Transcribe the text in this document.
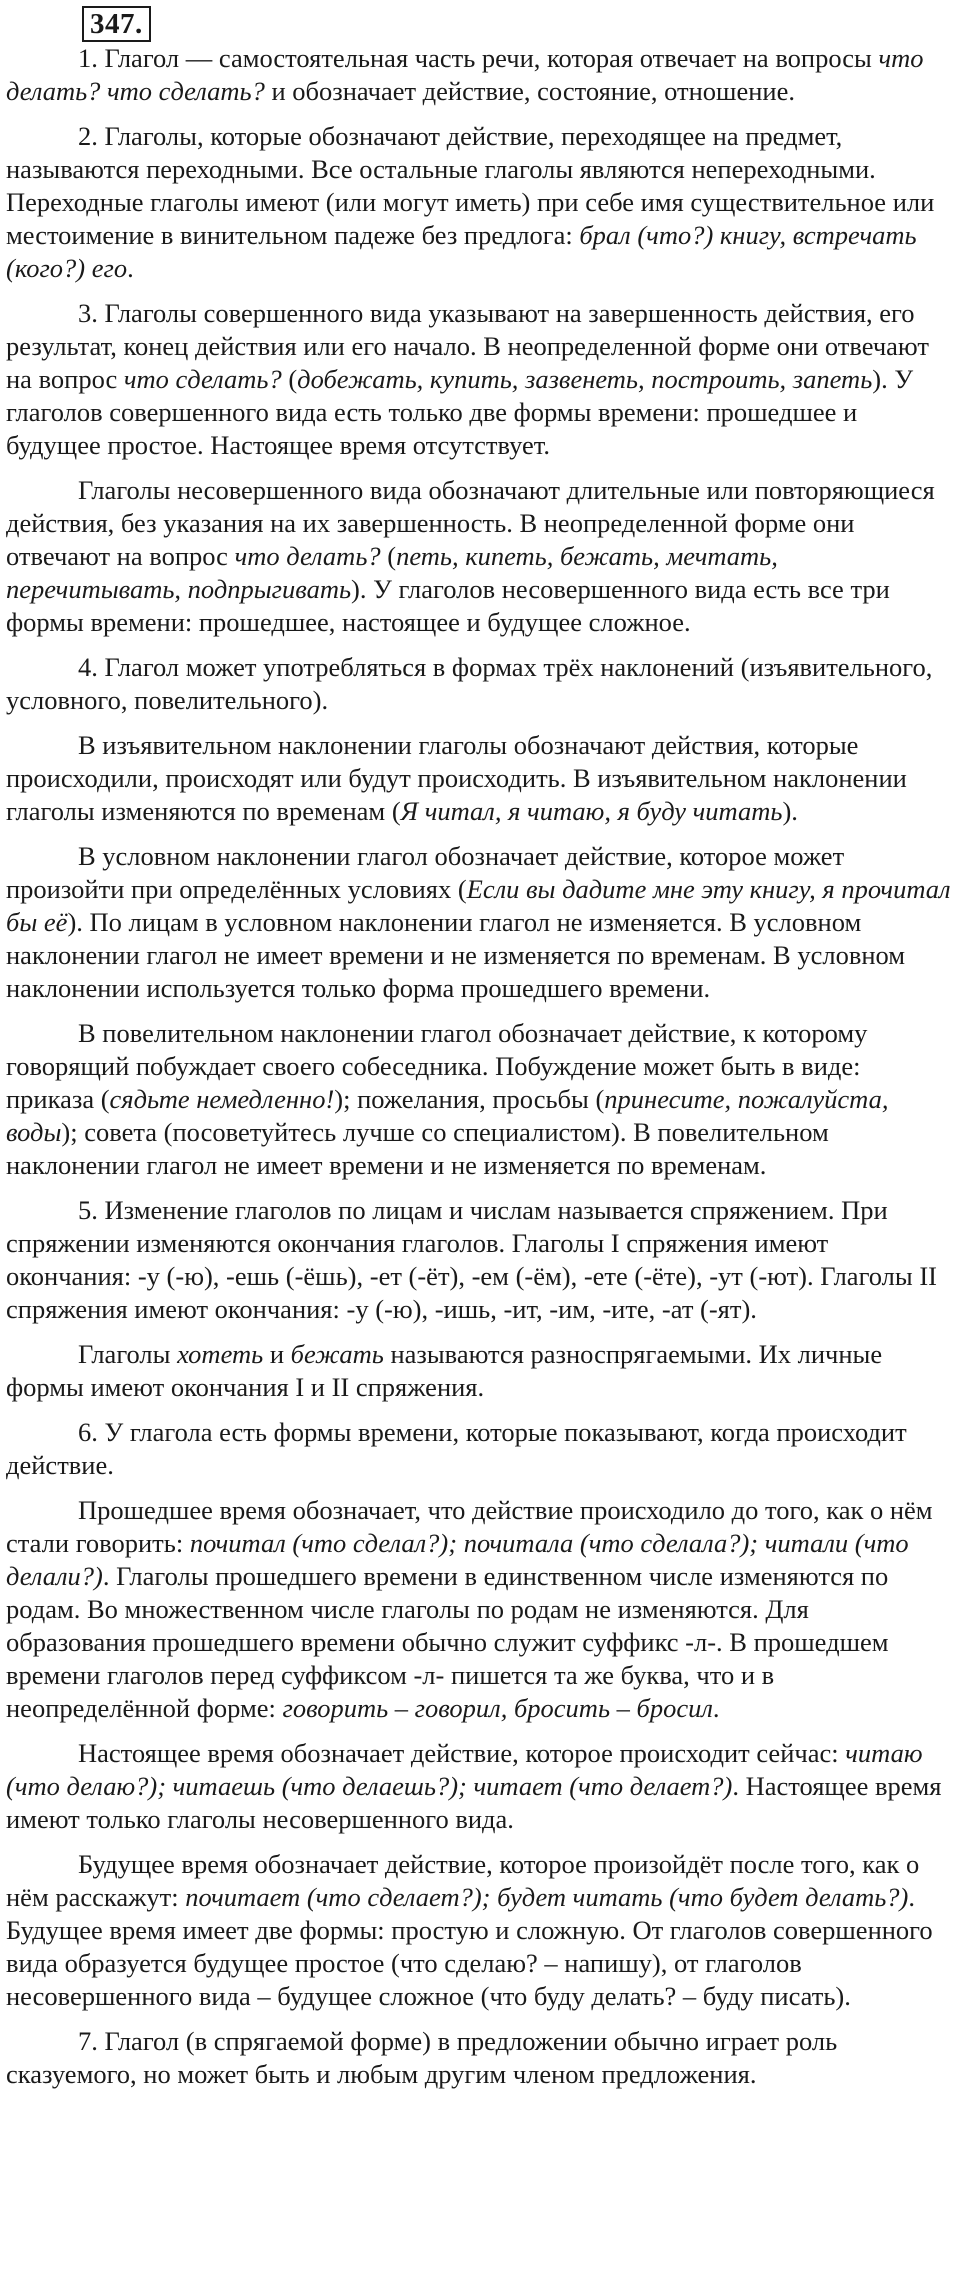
347.

1. Глагол — самостоятельная часть речи, которая отвечает на вопросы что делать? что сделать? и обозначает действие, состояние, отношение.

2. Глаголы, которые обозначают действие, переходящее на предмет, называются переходными. Все остальные глаголы являются непереходными. Переходные глаголы имеют (или могут иметь) при себе имя существительное или местоимение в винительном падеже без предлога: брал (что?) книгу, встречать (кого?) его.

3. Глаголы совершенного вида указывают на завершенность действия, его результат, конец действия или его начало. В неопределенной форме они отвечают на вопрос что сделать? (добежать, купить, зазвенеть, построить, запеть). У глаголов совершенного вида есть только две формы времени: прошедшее и будущее простое. Настоящее время отсутствует.

Глаголы несовершенного вида обозначают длительные или повторяющиеся действия, без указания на их завершенность. В неопределенной форме они отвечают на вопрос что делать? (петь, кипеть, бежать, мечтать, перечитывать, подпрыгивать). У глаголов несовершенного вида есть все три формы времени: прошедшее, настоящее и будущее сложное.

4. Глагол может употребляться в формах трёх наклонений (изъявительного, условного, повелительного).

В изъявительном наклонении глаголы обозначают действия, которые происходили, происходят или будут происходить. В изъявительном наклонении глаголы изменяются по временам (Я читал, я читаю, я буду читать).

В условном наклонении глагол обозначает действие, которое может произойти при определённых условиях (Если вы дадите мне эту книгу, я прочитал бы её). По лицам в условном наклонении глагол не изменяется. В условном наклонении глагол не имеет времени и не изменяется по временам. В условном наклонении используется только форма прошедшего времени.

В повелительном наклонении глагол обозначает действие, к которому говорящий побуждает своего собеседника. Побуждение может быть в виде: приказа (сядьте немедленно!); пожелания, просьбы (принесите, пожалуйста, воды); совета (посоветуйтесь лучше со специалистом). В повелительном наклонении глагол не имеет времени и не изменяется по временам.

5. Изменение глаголов по лицам и числам называется спряжением. При спряжении изменяются окончания глаголов. Глаголы I спряжения имеют окончания: -у (-ю), -ешь (-ёшь), -ет (-ёт), -ем (-ём), -ете (-ёте), -ут (-ют). Глаголы II спряжения имеют окончания: -у (-ю), -ишь, -ит, -им, -ите, -ат (-ят).

Глаголы хотеть и бежать называются разноспрягаемыми. Их личные формы имеют окончания I и II спряжения.

6. У глагола есть формы времени, которые показывают, когда происходит действие.

Прошедшее время обозначает, что действие происходило до того, как о нём стали говорить: почитал (что сделал?); почитала (что сделала?); читали (что делали?). Глаголы прошедшего времени в единственном числе изменяются по родам. Во множественном числе глаголы по родам не изменяются. Для образования прошедшего времени обычно служит суффикс -л-. В прошедшем времени глаголов перед суффиксом -л- пишется та же буква, что и в неопределённой форме: говорить – говорил, бросить – бросил.

Настоящее время обозначает действие, которое происходит сейчас: читаю (что делаю?); читаешь (что делаешь?); читает (что делает?). Настоящее время имеют только глаголы несовершенного вида.

Будущее время обозначает действие, которое произойдёт после того, как о нём расскажут: почитает (что сделает?); будет читать (что будет делать?). Будущее время имеет две формы: простую и сложную. От глаголов совершенного вида образуется будущее простое (что сделаю? – напишу), от глаголов несовершенного вида – будущее сложное (что буду делать? – буду писать).

7. Глагол (в спрягаемой форме) в предложении обычно играет роль сказуемого, но может быть и любым другим членом предложения.
